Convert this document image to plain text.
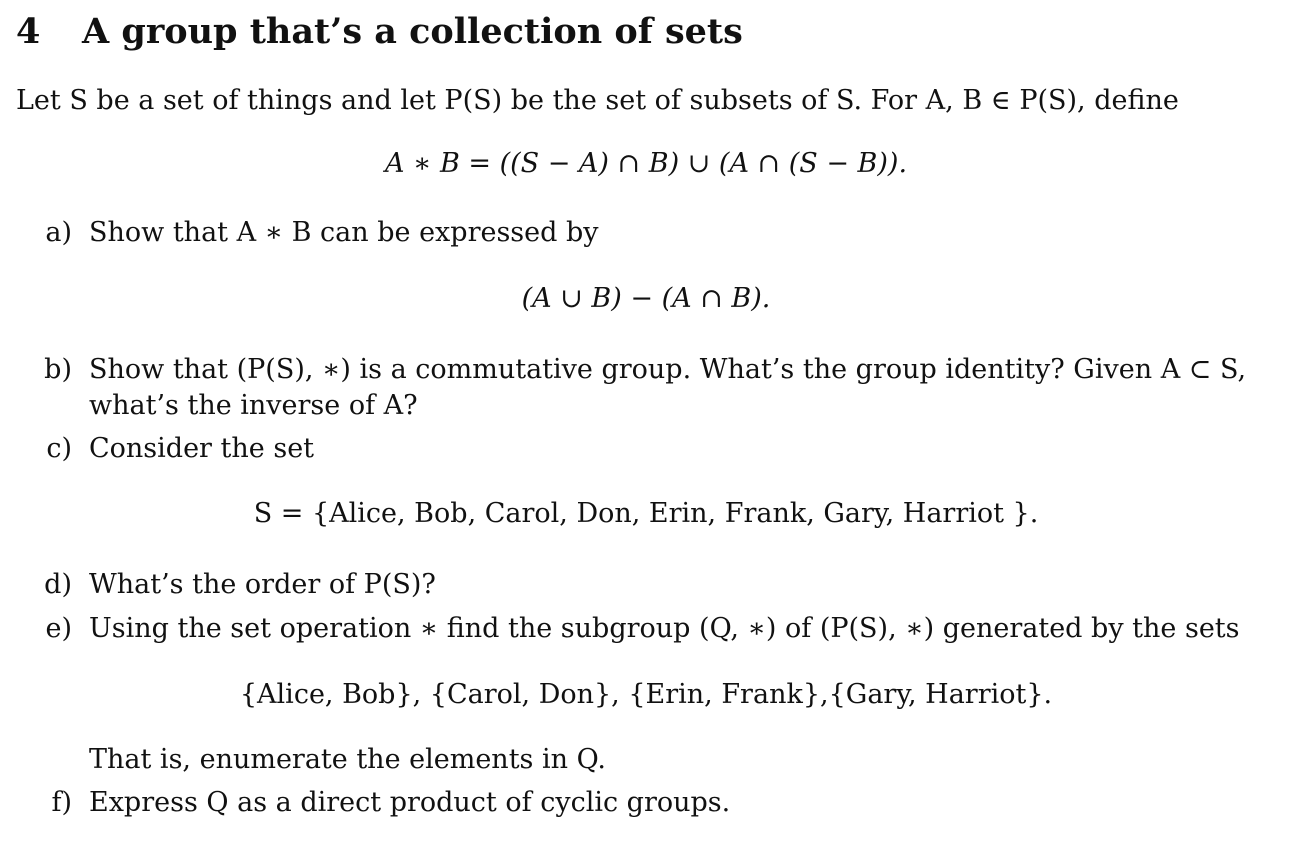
4 A group that’s a collection of sets
Let S be a set of things and let P(S) be the set of subsets of S. For A, B ∈ P(S), define
A ∗ B = ((S − A) ∩ B) ∪ (A ∩ (S − B)).
a) Show that A ∗ B can be expressed by
(A ∪ B) − (A ∩ B).
b) Show that (P(S), ∗) is a commutative group. What’s the group identity? Given A ⊂ S,
what’s the inverse of A?
c) Consider the set
S = {Alice, Bob, Carol, Don, Erin, Frank, Gary, Harriot }.
d) What’s the order of P(S)?
e) Using the set operation ∗ find the subgroup (Q, ∗) of (P(S), ∗) generated by the sets
{Alice, Bob}, {Carol, Don}, {Erin, Frank},{Gary, Harriot}.
That is, enumerate the elements in Q.
f) Express Q as a direct product of cyclic groups.
